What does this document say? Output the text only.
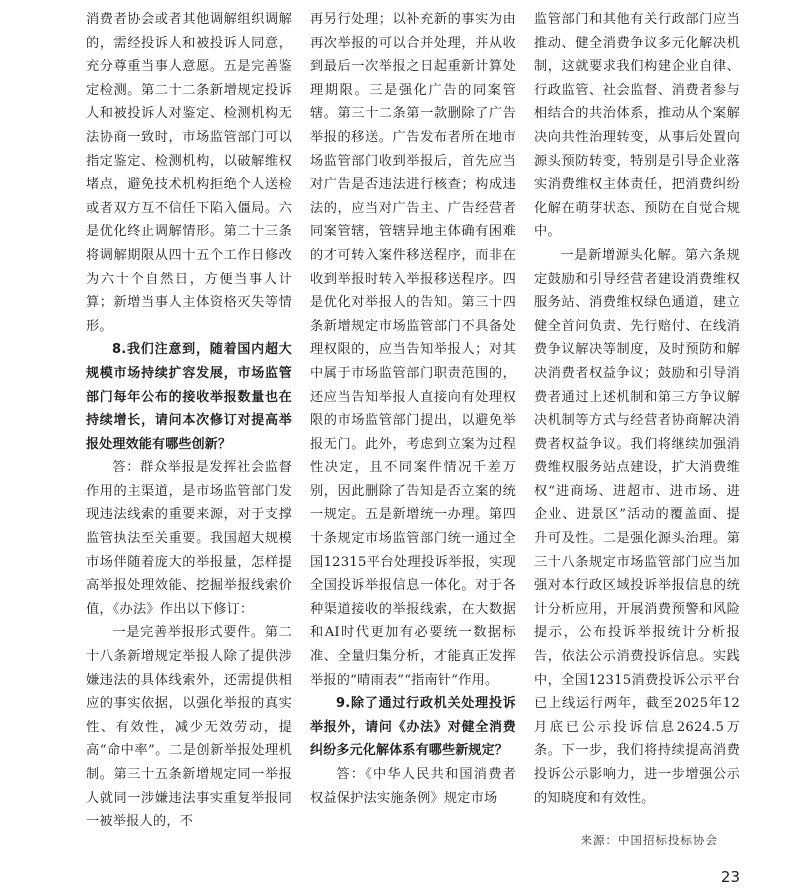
消费者协会或者其他调解组织调解的，需经投诉人和被投诉人同意，充分尊重当事人意愿。五是完善鉴定检测。第二十二条新增规定投诉人和被投诉人对鉴定、检测机构无法协商一致时，市场监管部门可以指定鉴定、检测机构，以破解维权堵点，避免技术机构拒绝个人送检或者双方互不信任下陷入僵局。六是优化终止调解情形。第二十三条将调解期限从四十五个工作日修改为六十个自然日，方便当事人计算；新增当事人主体资格灭失等情形。

8.我们注意到，随着国内超大规模市场持续扩容发展，市场监管部门每年公布的接收举报数量也在持续增长，请问本次修订对提高举报处理效能有哪些创新？

答：群众举报是发挥社会监督作用的主渠道，是市场监管部门发现违法线索的重要来源，对于支撑监管执法至关重要。我国超大规模市场伴随着庞大的举报量，怎样提高举报处理效能、挖掘举报线索价值，《办法》作出以下修订：

一是完善举报形式要件。第二十八条新增规定举报人除了提供涉嫌违法的具体线索外，还需提供相应的事实依据，以强化举报的真实性、有效性，减少无效劳动，提高“命中率”。二是创新举报处理机制。第三十五条新增规定同一举报人就同一涉嫌违法事实重复举报同一被举报人的，不

再另行处理；以补充新的事实为由再次举报的可以合并处理，并从收到最后一次举报之日起重新计算处理期限。三是强化广告的同案管辖。第三十二条第一款删除了广告举报的移送。广告发布者所在地市场监管部门收到举报后，首先应当对广告是否违法进行核查；构成违法的，应当对广告主、广告经营者同案管辖，管辖异地主体确有困难的才可转入案件移送程序，而非在收到举报时转入举报移送程序。四是优化对举报人的告知。第三十四条新增规定市场监管部门不具备处理权限的，应当告知举报人；对其中属于市场监管部门职责范围的，还应当告知举报人直接向有处理权限的市场监管部门提出，以避免举报无门。此外，考虑到立案为过程性决定，且不同案件情况千差万别，因此删除了告知是否立案的统一规定。五是新增统一办理。第四十条规定市场监管部门统一通过全国12315平台处理投诉举报，实现全国投诉举报信息一体化。对于各种渠道接收的举报线索，在大数据和AI时代更加有必要统一数据标准、全量归集分析，才能真正发挥举报的“晴雨表”“指南针”作用。

9.除了通过行政机关处理投诉举报外，请问《办法》对健全消费纠纷多元化解体系有哪些新规定？

答：《中华人民共和国消费者权益保护法实施条例》规定市场

监管部门和其他有关行政部门应当推动、健全消费争议多元化解决机制，这就要求我们构建企业自律、行政监管、社会监督、消费者参与相结合的共治体系，推动从个案解决向共性治理转变，从事后处置向源头预防转变，特别是引导企业落实消费维权主体责任，把消费纠纷化解在萌芽状态、预防在自觉合规中。

一是新增源头化解。第六条规定鼓励和引导经营者建设消费维权服务站、消费维权绿色通道，建立健全首问负责、先行赔付、在线消费争议解决等制度，及时预防和解决消费者权益争议；鼓励和引导消费者通过上述机制和第三方争议解决机制等方式与经营者协商解决消费者权益争议。我们将继续加强消费维权服务站点建设，扩大消费维权“进商场、进超市、进市场、进企业、进景区”活动的覆盖面、提升可及性。二是强化源头治理。第三十八条规定市场监管部门应当加强对本行政区域投诉举报信息的统计分析应用，开展消费预警和风险提示，公布投诉举报统计分析报告，依法公示消费投诉信息。实践中，全国12315消费投诉公示平台已上线运行两年，截至2025年12月底已公示投诉信息2624.5万条。下一步，我们将持续提高消费投诉公示影响力，进一步增强公示的知晓度和有效性。

来源：中国招标投标协会
23
